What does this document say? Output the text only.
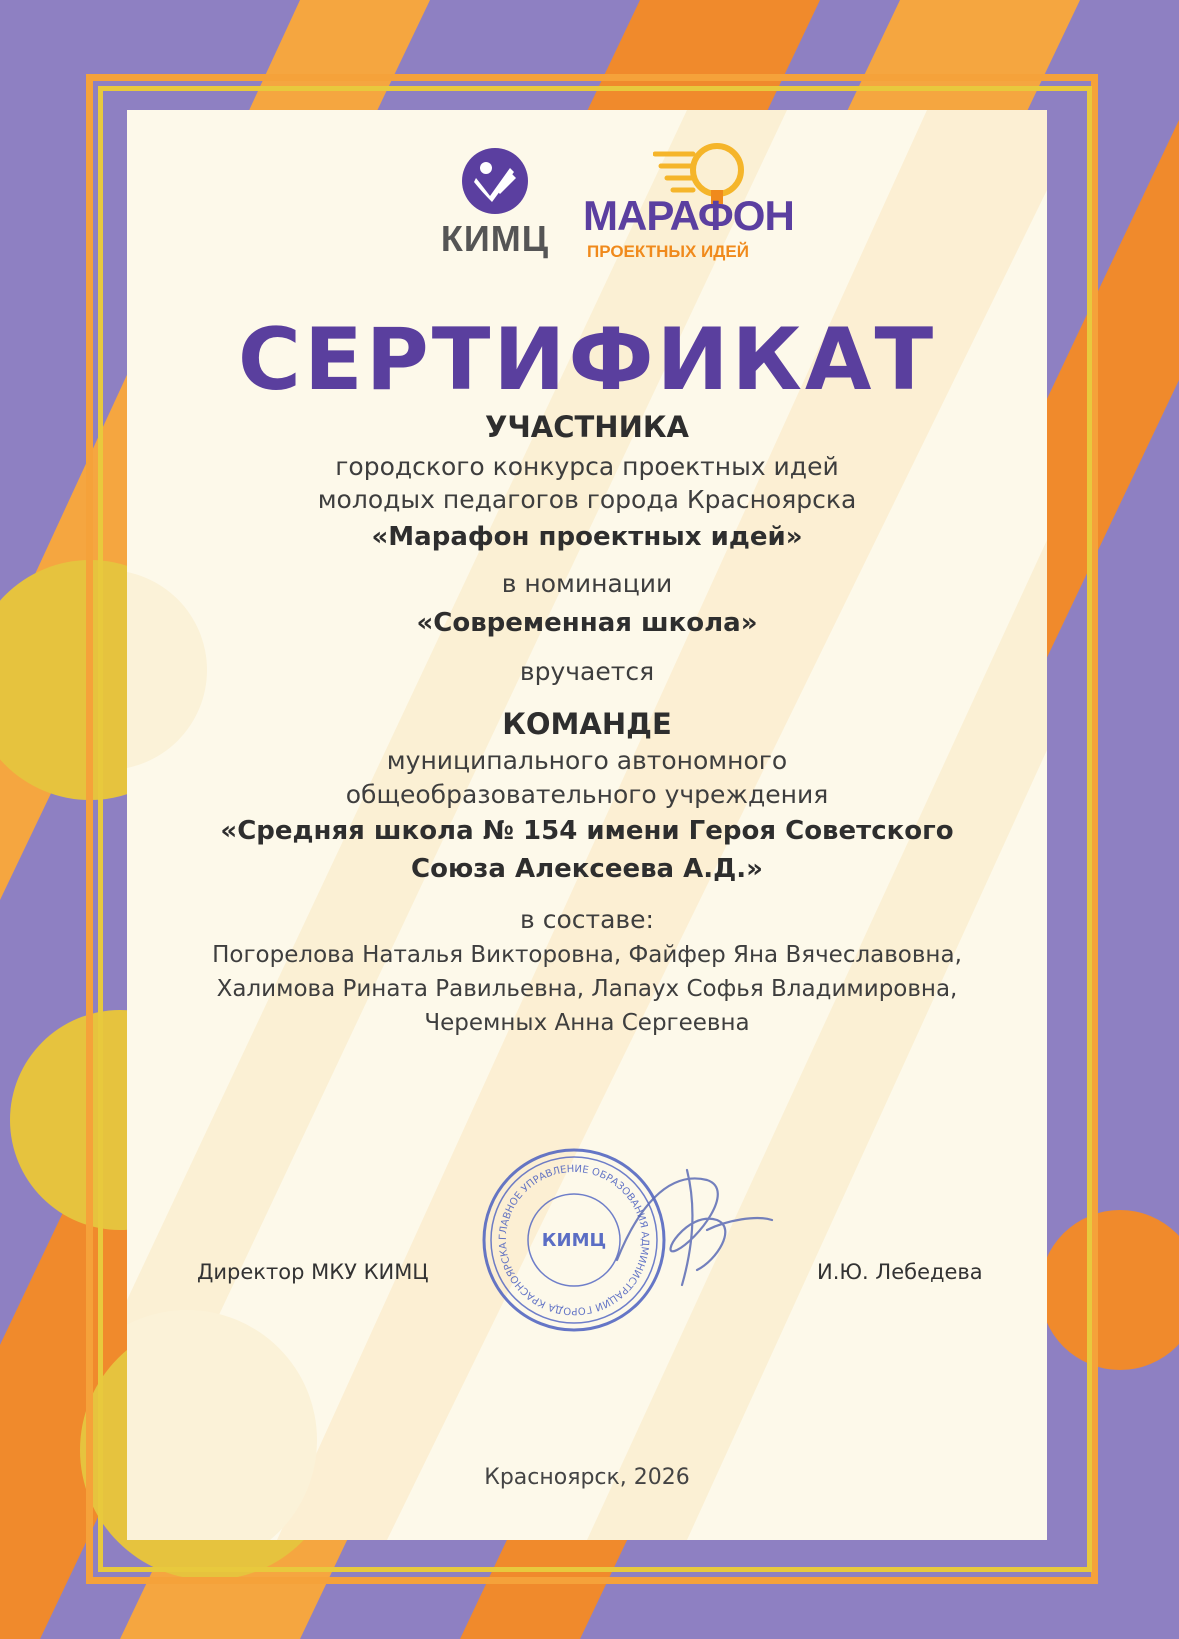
КИМЦ МАРАФОН
ПРОЕКТНЫХ ИДЕЙ
СЕРТИФИКАТ
УЧАСТНИКА
городского конкурса проектных идей
молодых педагогов города Красноярска
«Марафон проектных идей»
в номинации
«Современная школа»
вручается
КОМАНДЕ
муниципального автономного
общеобразовательного учреждения
«Средняя школа № 154 имени Героя Советского
Союза Алексеева А.Д.»
в составе:
Погорелова Наталья Викторовна, Файфер Яна Вячеславовна,
Халимова Рината Равильевна, Лапаух Софья Владимировна,
Черемных Анна Сергеевна
Директор МКУ КИМЦ
ГЛАВНОЕ УПРАВЛЕНИЕ ОБРАЗОВАНИЯ АДМИНИСТРАЦИИ ГОРОДА КРАСНОЯРСКА	КИМЦ
И.Ю. Лебедева
Красноярск, 2026
